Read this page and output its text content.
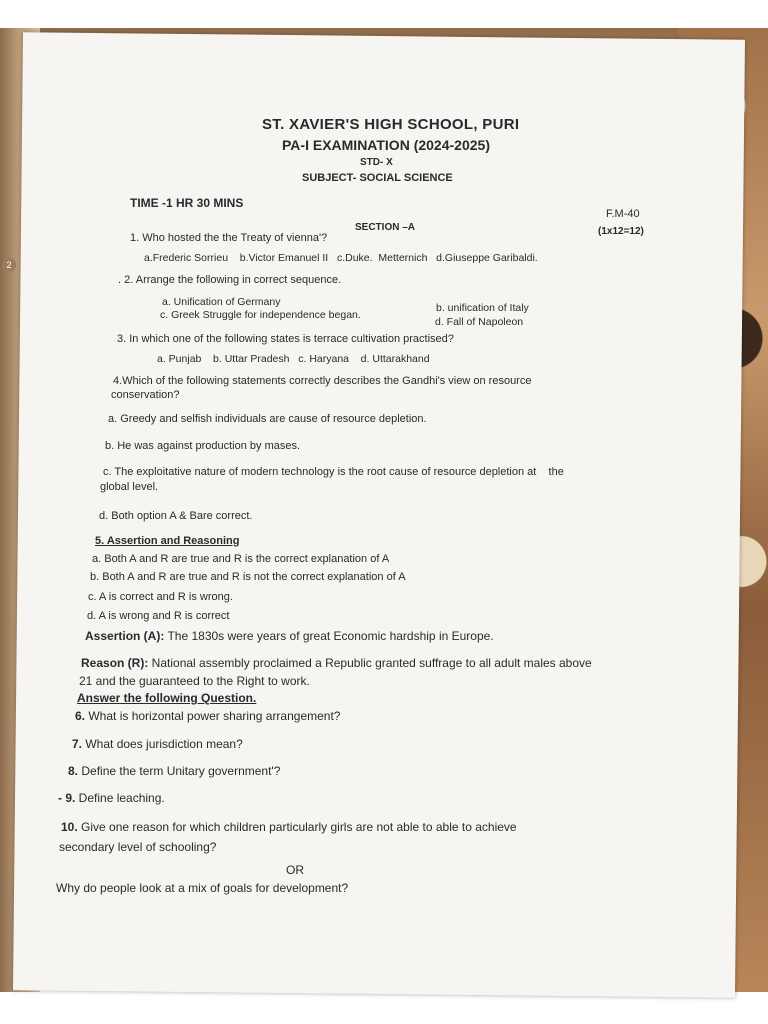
2
ST. XAVIER'S HIGH SCHOOL, PURI
PA-I EXAMINATION (2024-2025)
STD- X
SUBJECT- SOCIAL SCIENCE
TIME -1 HR 30 MINS
F.M-40
SECTION –A	(1x12=12)
1. Who hosted the the Treaty of vienna'?
a.Frederic Sorrieu    b.Victor Emanuel II   c.Duke.  Metternich   d.Giuseppe Garibaldi.
. 2. Arrange the following in correct sequence.
a. Unification of Germany	b. unification of Italy
c. Greek Struggle for independence began.
d. Fall of Napoleon
3. In which one of the following states is terrace cultivation practised?
a. Punjab    b. Uttar Pradesh   c. Haryana    d. Uttarakhand
4.Which of the following statements correctly describes the Gandhi's view on resource
conservation?
a. Greedy and selfish individuals are cause of resource depletion.
b. He was against production by mases.
c. The exploitative nature of modern technology is the root cause of resource depletion at    the
global level.
d. Both option A & Bare correct.
5. Assertion and Reasoning
a. Both A and R are true and R is the correct explanation of A
b. Both A and R are true and R is not the correct explanation of A
c. A is correct and R is wrong.
d. A is wrong and R is correct
Assertion (A): The 1830s were years of great Economic hardship in Europe.
Reason (R): National assembly proclaimed a Republic granted suffrage to all adult males above
21 and the guaranteed to the Right to work.
Answer the following Question.
6. What is horizontal power sharing arrangement?
7. What does jurisdiction mean?
8. Define the term Unitary government'?
- 9. Define leaching.
10. Give one reason for which children particularly girls are not able to able to achieve
secondary level of schooling?
OR
Why do people look at a mix of goals for development?
